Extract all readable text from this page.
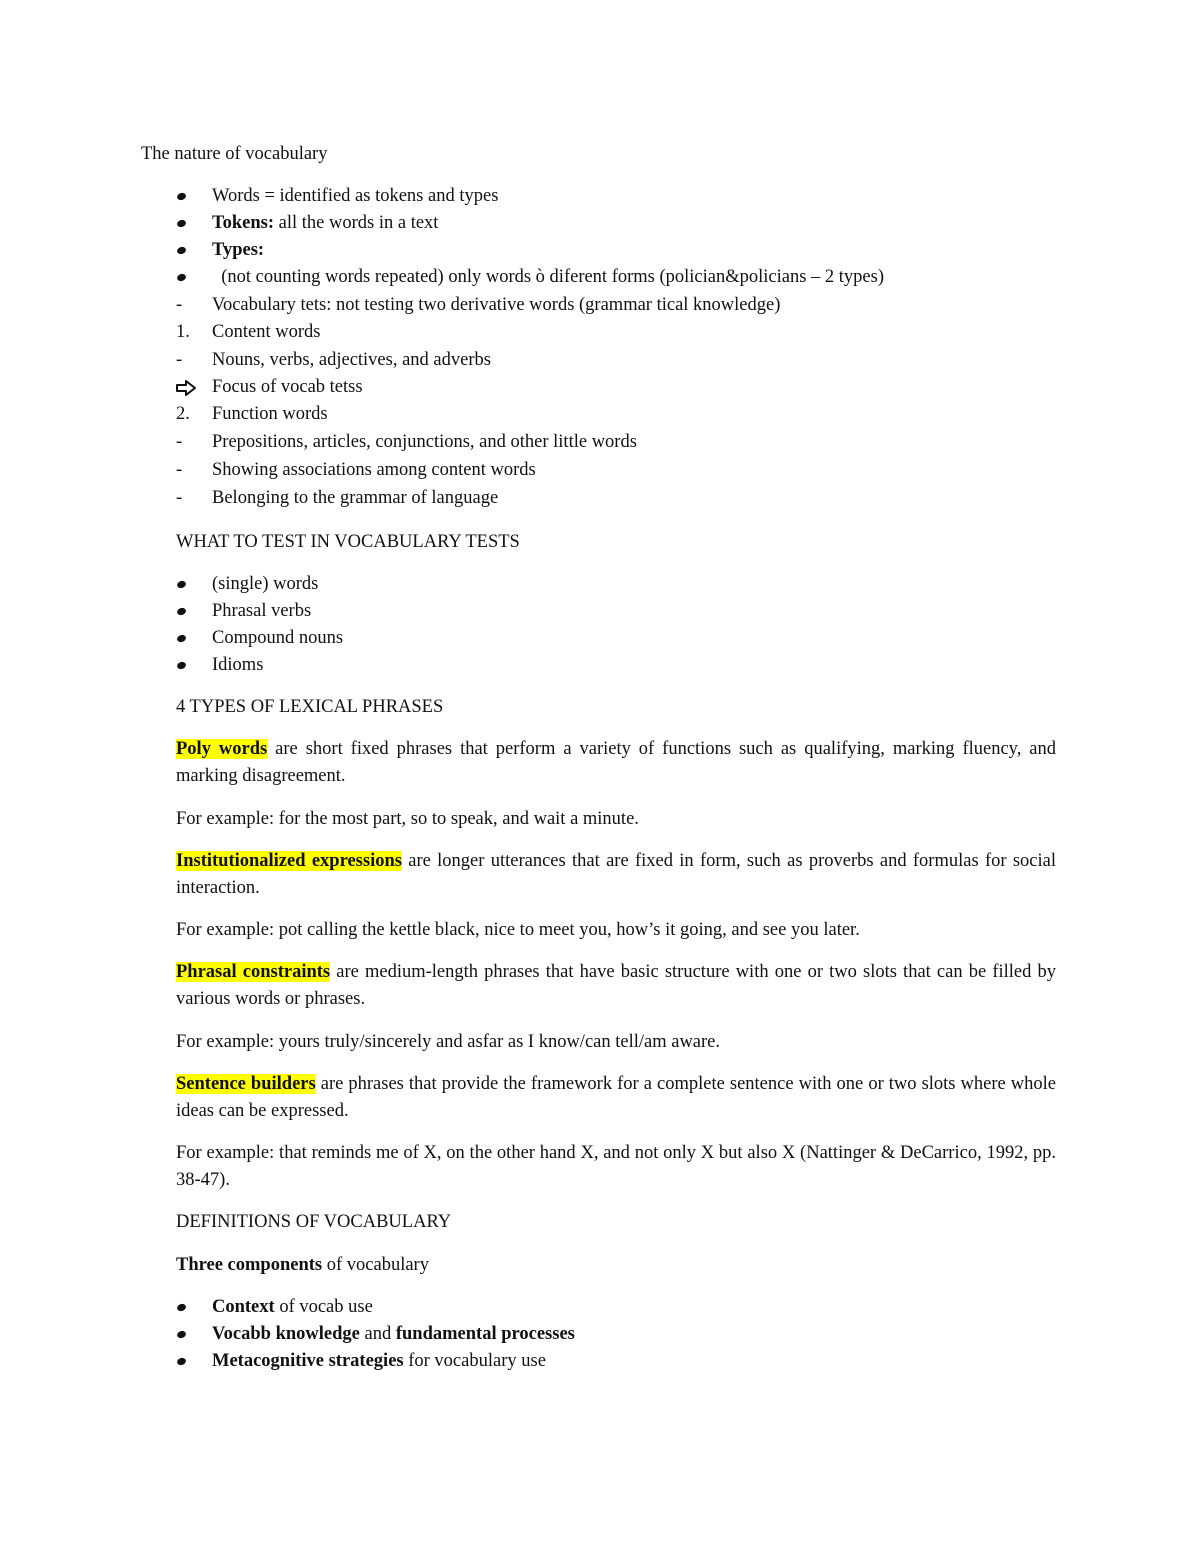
The nature of vocabulary
Words = identified as tokens and types
Tokens: all the words in a text
Types:
(not counting words repeated) only words ò diferent forms (polician&policians – 2 types)
-	Vocabulary tets: not testing two derivative words (grammar tical knowledge)
1.	Content words
-	Nouns, verbs, adjectives, and adverbs
Focus of vocab tetss
2.	Function words
-	Prepositions, articles, conjunctions, and other little words
-	Showing associations among content words
-	Belonging to the grammar of language
WHAT TO TEST IN VOCABULARY TESTS
(single) words
Phrasal verbs
Compound nouns
Idioms
4 TYPES OF LEXICAL PHRASES

Poly words are short fixed phrases that perform a variety of functions such as qualifying, marking fluency, and marking disagreement.

For example: for the most part, so to speak, and wait a minute.

Institutionalized expressions are longer utterances that are fixed in form, such as proverbs and formulas for social interaction.

For example: pot calling the kettle black, nice to meet you, how’s it going, and see you later.

Phrasal constraints are medium-length phrases that have basic structure with one or two slots that can be filled by various words or phrases.

For example: yours truly/sincerely and asfar as I know/can tell/am aware.

Sentence builders are phrases that provide the framework for a complete sentence with one or two slots where whole ideas can be expressed.

For example: that reminds me of X, on the other hand X, and not only X but also X (Nattinger & DeCarrico, 1992, pp. 38-47).
DEFINITIONS OF VOCABULARY
Three components of vocabulary
Context of vocab use
Vocabb knowledge and fundamental processes
Metacognitive strategies for vocabulary use
